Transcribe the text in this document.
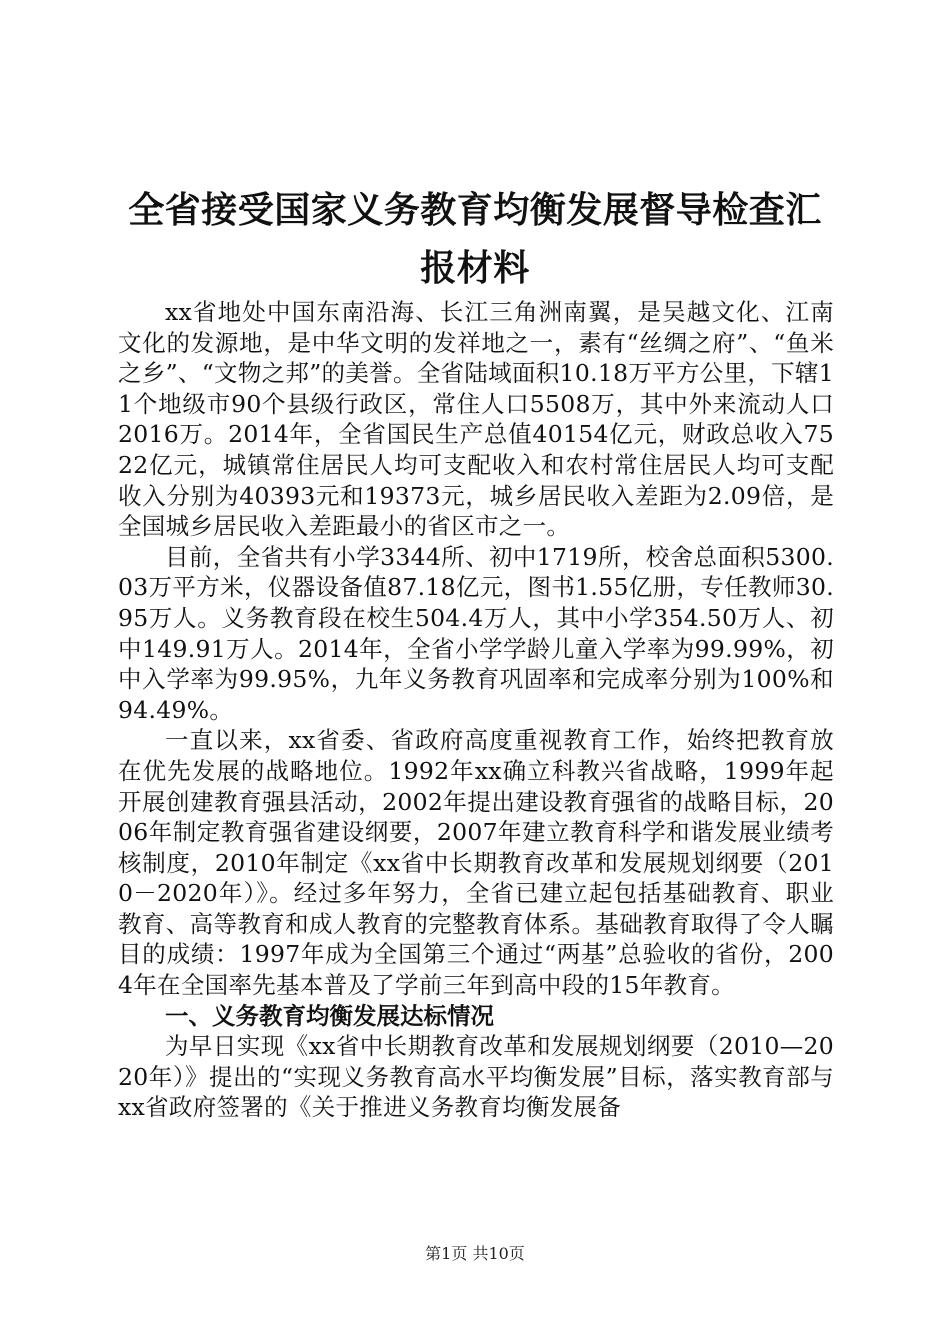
全省接受国家义务教育均衡发展督导检查汇报材料

xx省地处中国东南沿海、长江三角洲南翼，是吴越文化、江南文化的发源地，是中华文明的发祥地之一，素有“丝绸之府”、“鱼米之乡”、“文物之邦”的美誉。全省陆域面积10.18万平方公里，下辖11个地级市90个县级行政区，常住人口5508万，其中外来流动人口2016万。2014年，全省国民生产总值40154亿元，财政总收入7522亿元，城镇常住居民人均可支配收入和农村常住居民人均可支配收入分别为40393元和19373元，城乡居民收入差距为2.09倍，是全国城乡居民收入差距最小的省区市之一。

目前，全省共有小学3344所、初中1719所，校舍总面积5300.03万平方米，仪器设备值87.18亿元，图书1.55亿册，专任教师30.95万人。义务教育段在校生504.4万人，其中小学354.50万人、初中149.91万人。2014年，全省小学学龄儿童入学率为99.99%，初中入学率为99.95%，九年义务教育巩固率和完成率分别为100%和94.49%。

一直以来，xx省委、省政府高度重视教育工作，始终把教育放在优先发展的战略地位。1992年xx确立科教兴省战略，1999年起开展创建教育强县活动，2002年提出建设教育强省的战略目标，2006年制定教育强省建设纲要，2007年建立教育科学和谐发展业绩考核制度，2010年制定《xx省中长期教育改革和发展规划纲要（2010－2020年）》。经过多年努力，全省已建立起包括基础教育、职业教育、高等教育和成人教育的完整教育体系。基础教育取得了令人瞩目的成绩：1997年成为全国第三个通过“两基”总验收的省份，2004年在全国率先基本普及了学前三年到高中段的15年教育。

一、义务教育均衡发展达标情况

为早日实现《xx省中长期教育改革和发展规划纲要（2010—2020年）》提出的“实现义务教育高水平均衡发展”目标，落实教育部与xx省政府签署的《关于推进义务教育均衡发展备

第1页 共10页
